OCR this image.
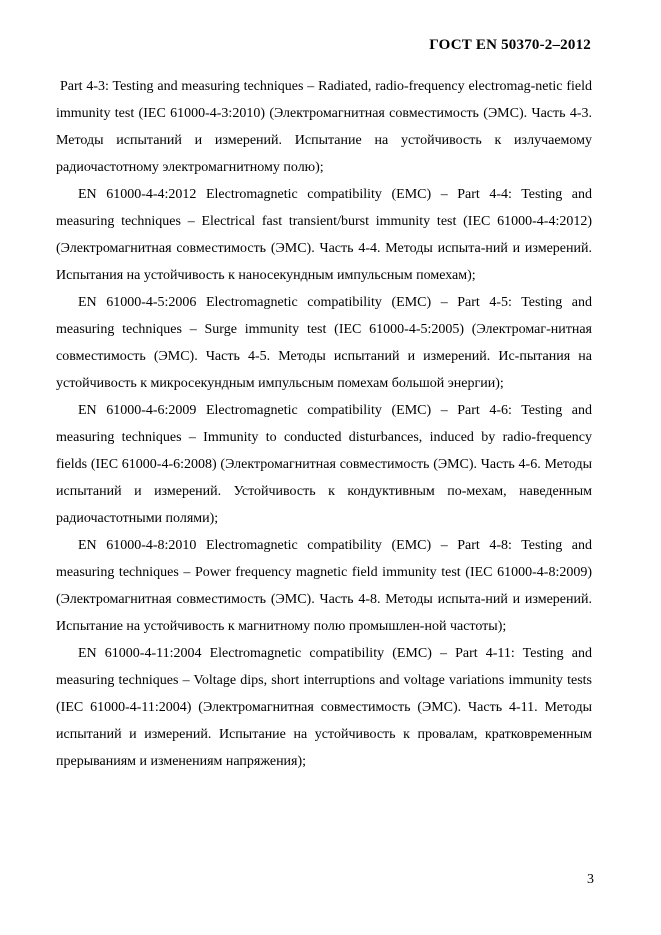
ГОСТ EN 50370-2–2012

Part 4-3: Testing and measuring techniques – Radiated, radio-frequency electromag-netic field immunity test (IEC 61000-4-3:2010) (Электромагнитная совместимость (ЭМС). Часть 4-3. Методы испытаний и измерений. Испытание на устойчивость к излучаемому радиочастотному электромагнитному полю);

EN 61000-4-4:2012 Electromagnetic compatibility (EMC) – Part 4-4: Testing and measuring techniques – Electrical fast transient/burst immunity test (IEC 61000-4-4:2012) (Электромагнитная совместимость (ЭМС). Часть 4-4. Методы испыта-ний и измерений. Испытания на устойчивость к наносекундным импульсным помехам);

EN 61000-4-5:2006 Electromagnetic compatibility (EMC) – Part 4-5: Testing and measuring techniques – Surge immunity test (IEC 61000-4-5:2005) (Электромаг-нитная совместимость (ЭМС). Часть 4-5. Методы испытаний и измерений. Ис-пытания на устойчивость к микросекундным импульсным помехам большой энергии);

EN 61000-4-6:2009 Electromagnetic compatibility (EMC) – Part 4-6: Testing and measuring techniques – Immunity to conducted disturbances, induced by radio-frequency fields (IEC 61000-4-6:2008) (Электромагнитная совместимость (ЭМС). Часть 4-6. Методы испытаний и измерений. Устойчивость к кондуктивным по-мехам, наведенным радиочастотными полями);

EN 61000-4-8:2010 Electromagnetic compatibility (EMC) – Part 4-8: Testing and measuring techniques – Power frequency magnetic field immunity test (IEC 61000-4-8:2009) (Электромагнитная совместимость (ЭМС). Часть 4-8. Методы испыта-ний и измерений. Испытание на устойчивость к магнитному полю промышлен-ной частоты);

EN 61000-4-11:2004 Electromagnetic compatibility (EMC) – Part 4-11: Testing and measuring techniques – Voltage dips, short interruptions and voltage variations immunity tests (IEC 61000-4-11:2004) (Электромагнитная совместимость (ЭМС). Часть 4-11. Методы испытаний и измерений. Испытание на устойчивость к провалам, кратковременным прерываниям и изменениям напряжения);

3
